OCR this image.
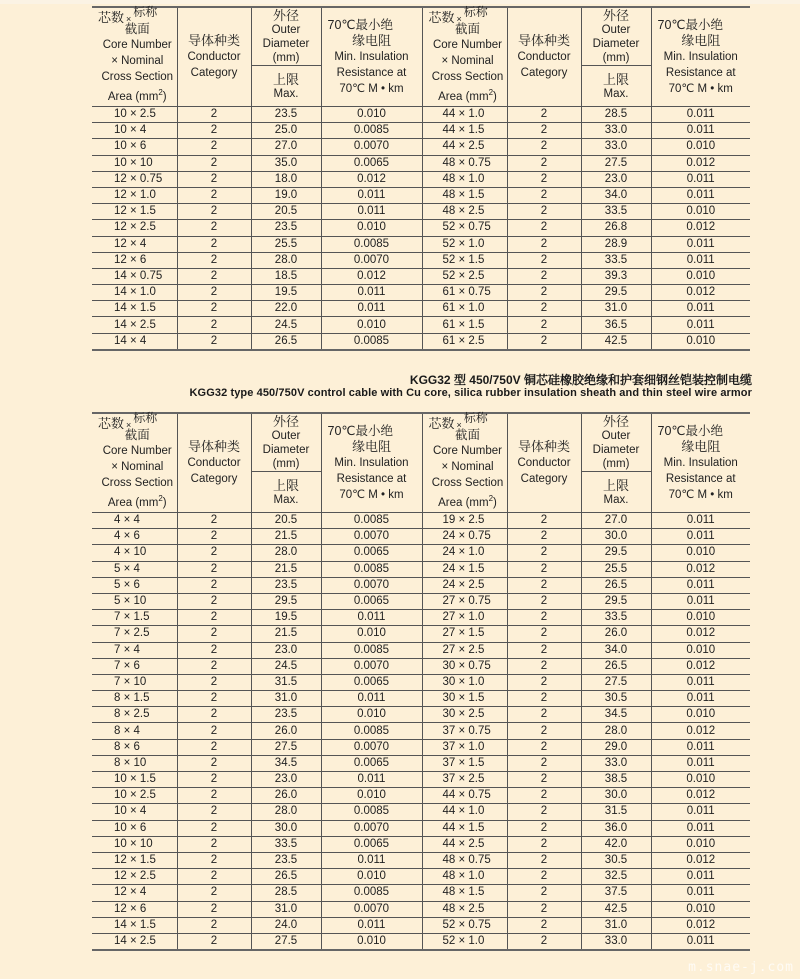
芯数 × 标称
截面
Core Number
× Nominal
Cross Section
Area $(mm^2)$

导体种类
Conductor
Category

外径
Outer
Diameter
(mm)

70℃最小绝
缘电阻
Min. Insulation
Resistance at
70℃ M • km

芯数 × 标称
截面
Core Number
× Nominal
Cross Section
Area $(mm^2)$

导体种类
Conductor
Category

外径
Outer
Diameter
(mm)

70℃最小绝
缘电阻
Min. Insulation
Resistance at
70℃ M • km

		上限
Max.				上限
Max.	

10 × 2.5	2	23.5	0.010	44 × 1.0	2	28.5	0.011
10 × 4	2	25.0	0.0085	44 × 1.5	2	33.0	0.011
10 × 6	2	27.0	0.0070	44 × 2.5	2	33.0	0.010
10 × 10	2	35.0	0.0065	48 × 0.75	2	27.5	0.012
12 × 0.75	2	18.0	0.012	48 × 1.0	2	23.0	0.011
12 × 1.0	2	19.0	0.011	48 × 1.5	2	34.0	0.011
12 × 1.5	2	20.5	0.011	48 × 2.5	2	33.5	0.010
12 × 2.5	2	23.5	0.010	52 × 0.75	2	26.8	0.012
12 × 4	2	25.5	0.0085	52 × 1.0	2	28.9	0.011
12 × 6	2	28.0	0.0070	52 × 1.5	2	33.5	0.011
14 × 0.75	2	18.5	0.012	52 × 2.5	2	39.3	0.010
14 × 1.0	2	19.5	0.011	61 × 0.75	2	29.5	0.012
14 × 1.5	2	22.0	0.011	61 × 1.0	2	31.0	0.011
14 × 2.5	2	24.5	0.010	61 × 1.5	2	36.5	0.011
14 × 4	2	26.5	0.0085	61 × 2.5	2	42.5	0.010
KGG32 型 450/750V 铜芯硅橡胶绝缘和护套细钢丝铠装控制电缆
KGG32 type 450/750V control cable with Cu core, silica rubber insulation sheath and thin steel wire armor
芯数 × 标称
截面
Core Number
× Nominal
Cross Section
Area $(mm^2)$

导体种类
Conductor
Category

外径
Outer
Diameter
(mm)

70℃最小绝
缘电阻
Min. Insulation
Resistance at
70℃ M • km

芯数 × 标称
截面
Core Number
× Nominal
Cross Section
Area $(mm^2)$

导体种类
Conductor
Category

外径
Outer
Diameter
(mm)

70℃最小绝
缘电阻
Min. Insulation
Resistance at
70℃ M • km

		上限
Max.				上限
Max.	

4 × 4	2	20.5	0.0085	19 × 2.5	2	27.0	0.011
4 × 6	2	21.5	0.0070	24 × 0.75	2	30.0	0.011
4 × 10	2	28.0	0.0065	24 × 1.0	2	29.5	0.010
5 × 4	2	21.5	0.0085	24 × 1.5	2	25.5	0.012
5 × 6	2	23.5	0.0070	24 × 2.5	2	26.5	0.011
5 × 10	2	29.5	0.0065	27 × 0.75	2	29.5	0.011
7 × 1.5	2	19.5	0.011	27 × 1.0	2	33.5	0.010
7 × 2.5	2	21.5	0.010	27 × 1.5	2	26.0	0.012
7 × 4	2	23.0	0.0085	27 × 2.5	2	34.0	0.010
7 × 6	2	24.5	0.0070	30 × 0.75	2	26.5	0.012
7 × 10	2	31.5	0.0065	30 × 1.0	2	27.5	0.011
8 × 1.5	2	31.0	0.011	30 × 1.5	2	30.5	0.011
8 × 2.5	2	23.5	0.010	30 × 2.5	2	34.5	0.010
8 × 4	2	26.0	0.0085	37 × 0.75	2	28.0	0.012
8 × 6	2	27.5	0.0070	37 × 1.0	2	29.0	0.011
8 × 10	2	34.5	0.0065	37 × 1.5	2	33.0	0.011
10 × 1.5	2	23.0	0.011	37 × 2.5	2	38.5	0.010
10 × 2.5	2	26.0	0.010	44 × 0.75	2	30.0	0.012
10 × 4	2	28.0	0.0085	44 × 1.0	2	31.5	0.011
10 × 6	2	30.0	0.0070	44 × 1.5	2	36.0	0.011
10 × 10	2	33.5	0.0065	44 × 2.5	2	42.0	0.010
12 × 1.5	2	23.5	0.011	48 × 0.75	2	30.5	0.012
12 × 2.5	2	26.5	0.010	48 × 1.0	2	32.5	0.011
12 × 4	2	28.5	0.0085	48 × 1.5	2	37.5	0.011
12 × 6	2	31.0	0.0070	48 × 2.5	2	42.5	0.010
14 × 1.5	2	24.0	0.011	52 × 0.75	2	31.0	0.012
14 × 2.5	2	27.5	0.010	52 × 1.0	2	33.0	0.011
m.snae-j.com
